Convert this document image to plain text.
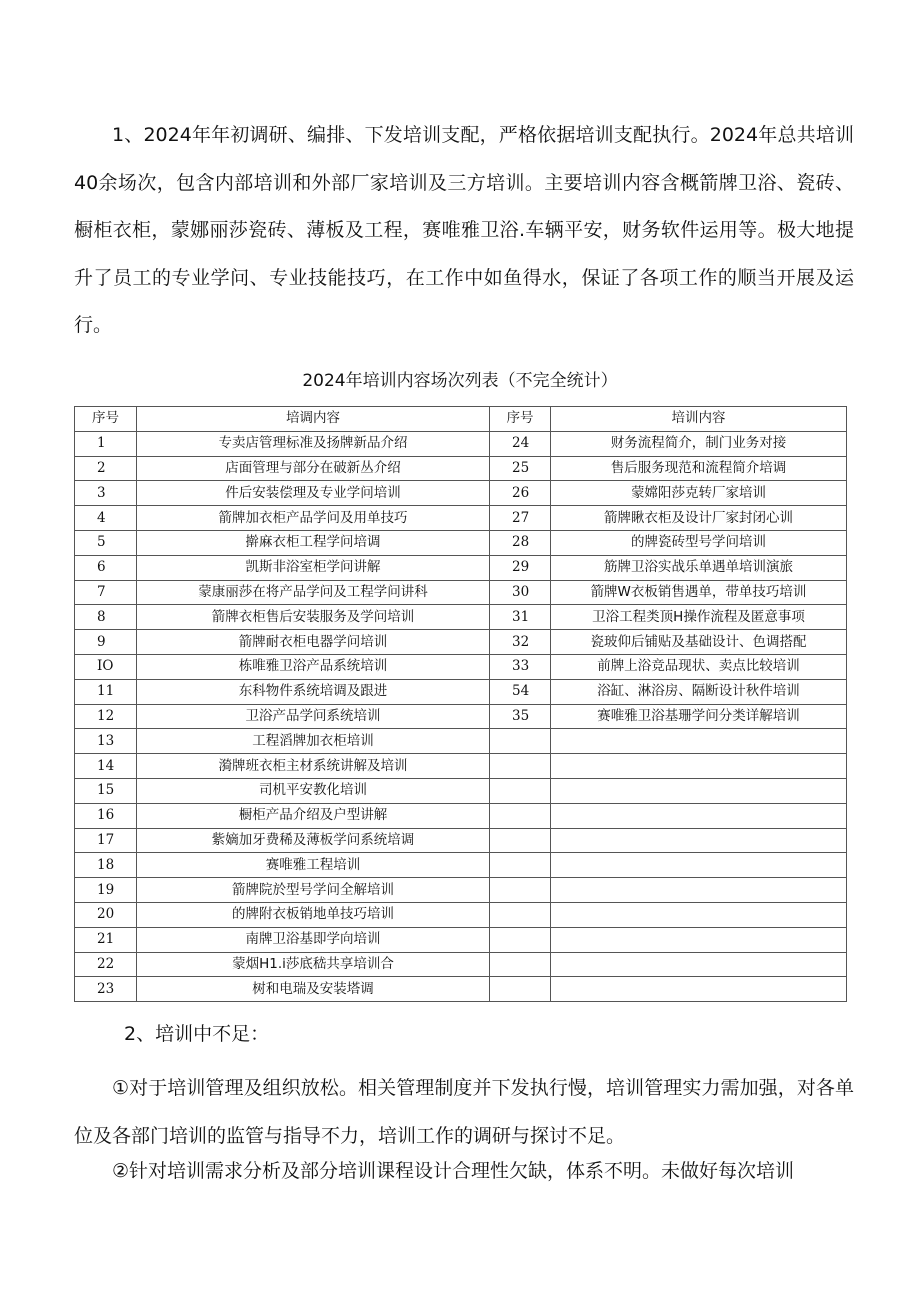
1、2024年年初调研、编排、下发培训支配，严格依据培训支配执行。2024年总共培训40余场次，包含内部培训和外部厂家培训及三方培训。主要培训内容含概箭牌卫浴、瓷砖、橱柜衣柜，蒙娜丽莎瓷砖、薄板及工程，赛唯雅卫浴.车辆平安，财务软件运用等。极大地提升了员工的专业学问、专业技能技巧，在工作中如鱼得水，保证了各项工作的顺当开展及运行。

2024年培训内容场次列表（不完全统计）

序号	培调内容	序号	培训内容
1	专卖店管理标准及扬牌新品介绍	24	财务流程简介，制门业务对接
2	店面管理与部分在破新丛介绍	25	售后服务现范和流程简介培调
3	件后安装偿理及专业学问培训	26	蒙嫦阳莎克转厂家培训
4	箭牌加衣柜产品学问及用单技巧	27	箭牌瞅衣柜及设计厂家封闭心训
5	擀麻衣柜工程学问培调	28	的牌瓷砖型号学问培训
6	凯斯非浴室柜学问讲解	29	筋牌卫浴实战乐单遇单培训演旅
7	蒙康丽莎在将产品学问及工程学问讲科	30	箭牌W衣板销售遇单，带单技巧培训
8	箭牌衣柜售后安装服务及学问培训	31	卫浴工程类顶H操作流程及匿意事项
9	箭牌耐衣柜电器学问培训	32	瓷玻仰后铺贴及基础设计、色调搭配
IO	栋唯雅卫浴产品系统培训	33	前牌上浴竞品现状、卖点比较培训
11	东科物件系统培调及跟进	54	浴缸、淋浴房、隔断设计秋件培训
12	卫浴产品学问系统培训	35	赛唯雅卫浴基珊学问分类详解培训
13	工程滔牌加衣柜培训		
14	漪牌班衣柜主材系统讲解及培训		
15	司机平安教化培训		
16	橱柜产品介绍及户型讲解		
17	紫嫡加牙费稀及薄板学问系统培调		
18	赛唯雅工程培训		
19	箭牌院於型号学问全解培训		
20	的牌附衣板销地单技巧培训		
21	南牌卫浴基即学向培训		
22	蒙烟H1.i莎底嵇共享培训合		
23	树和电瑞及安装塔调		

2、培训中不足：

①对于培训管理及组织放松。相关管理制度并下发执行慢，培训管理实力需加强，对各单位及各部门培训的监管与指导不力，培训工作的调研与探讨不足。

②针对培训需求分析及部分培训课程设计合理性欠缺，体系不明。未做好每次培训
